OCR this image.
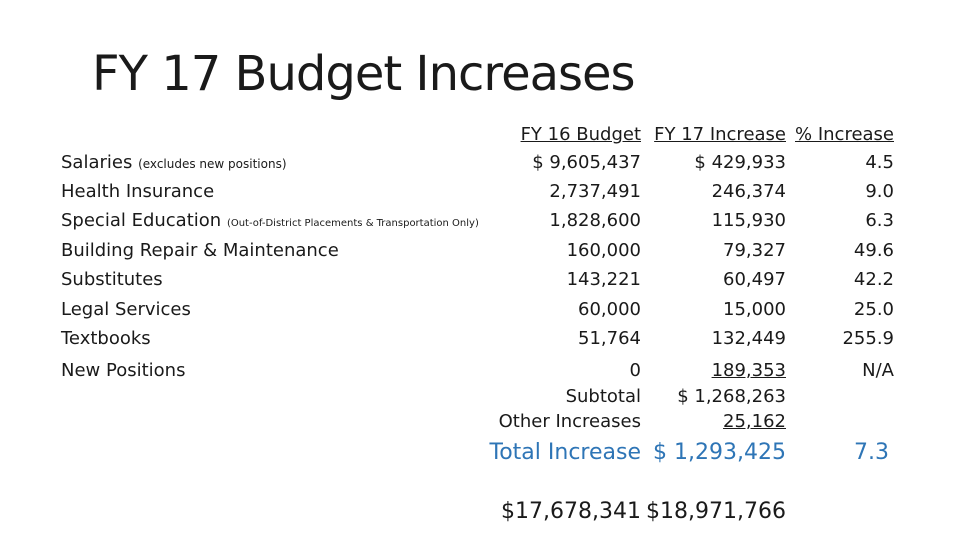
FY 17 Budget Increases
FY 16 Budget FY 17 Increase % Increase
Salaries (excludes new positions)
Health Insurance
Special Education (Out-of-District Placements & Transportation Only)
Building Repair & Maintenance
Substitutes
Legal Services
Textbooks
New Positions
$ 9,605,437
2,737,491
1,828,600
160,000
143,221
60,000
51,764
0
$ 429,933
246,374
115,930
79,327
60,497
15,000
132,449
189,353
4.5
9.0
6.3
49.6
42.2
25.0
255.9
N/A
Subtotal $ 1,268,263
Other Increases	25,162
Total Increase $ 1,293,425	7.3
$17,678,341 $18,971,766
